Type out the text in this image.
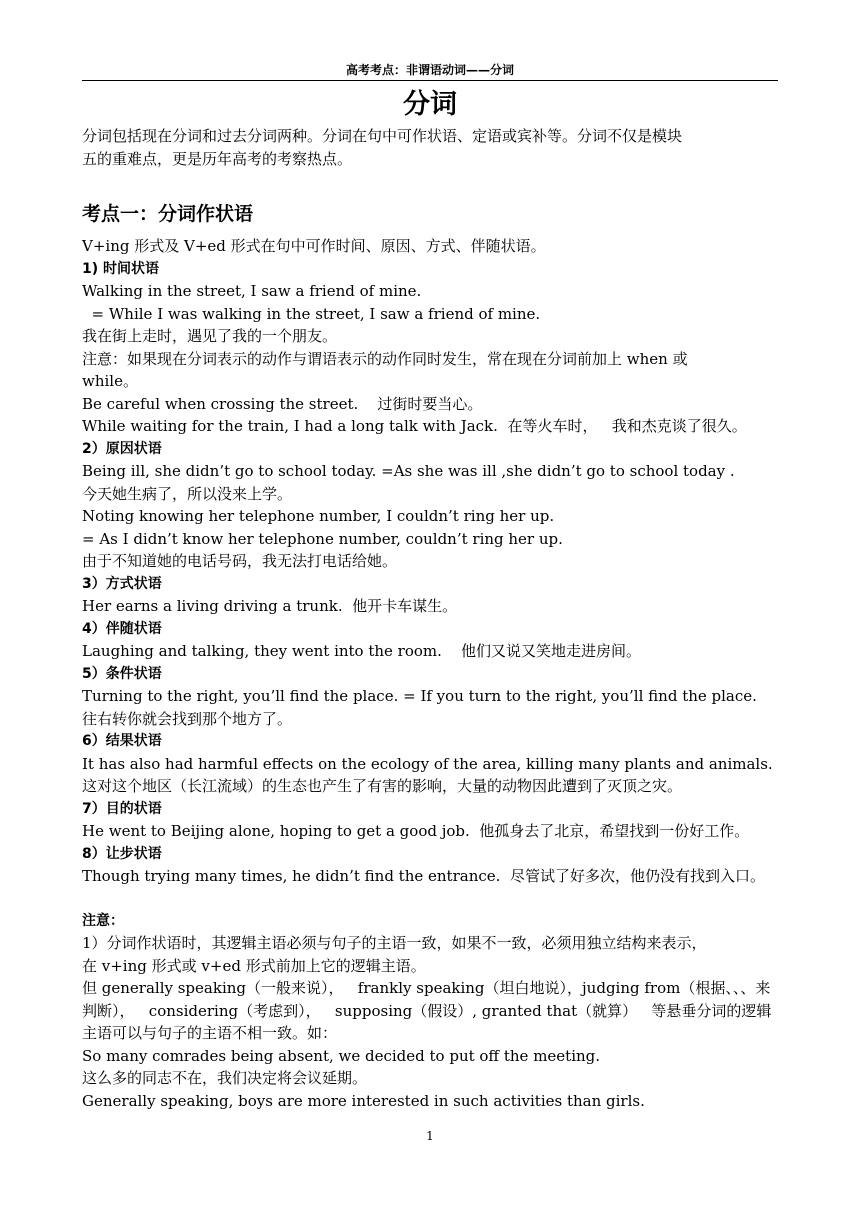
高考考点：非谓语动词——分词
分词

分词包括现在分词和过去分词两种。分词在句中可作状语、定语或宾补等。分词不仅是模块

五的重难点，更是历年高考的考察热点。

考点一：分词作状语

V+ing 形式及 V+ed 形式在句中可作时间、原因、方式、伴随状语。

1) 时间状语

Walking in the street, I saw a friend of mine.

= While I was walking in the street, I saw a friend of mine.

我在街上走时，遇见了我的一个朋友。

注意：如果现在分词表示的动作与谓语表示的动作同时发生，常在现在分词前加上 when 或

while。

Be careful when crossing the street.    过街时要当心。

While waiting for the train, I had a long talk with Jack.  在等火车时，   我和杰克谈了很久。

2）原因状语

Being ill, she didn’t go to school today. =As she was ill ,she didn’t go to school today .

今天她生病了，所以没来上学。

Noting knowing her telephone number, I couldn’t ring her up.

= As I didn’t know her telephone number, couldn’t ring her up.

由于不知道她的电话号码，我无法打电话给她。

3）方式状语

Her earns a living driving a trunk.  他开卡车谋生。

4）伴随状语

Laughing and talking, they went into the room.    他们又说又笑地走进房间。

5）条件状语

Turning to the right, you’ll find the place. = If you turn to the right, you’ll find the place.

往右转你就会找到那个地方了。

6）结果状语

It has also had harmful effects on the ecology of the area, killing many plants and animals.

这对这个地区（长江流域）的生态也产生了有害的影响，大量的动物因此遭到了灭顶之灾。

7）目的状语

He went to Beijing alone, hoping to get a good job.  他孤身去了北京，希望找到一份好工作。

8）让步状语

Though trying many times, he didn’t find the entrance.  尽管试了好多次，他仍没有找到入口。

注意：

1）分词作状语时，其逻辑主语必须与句子的主语一致，如果不一致，必须用独立结构来表示，

在 v+ing 形式或 v+ed 形式前加上它的逻辑主语。

但 generally speaking（一般来说），   frankly speaking（坦白地说），judging from（根据、、、来

判断），   considering（考虑到），   supposing（假设）, granted that（就算）   等悬垂分词的逻辑

主语可以与句子的主语不相一致。如：

So many comrades being absent, we decided to put off the meeting.

这么多的同志不在，我们决定将会议延期。

Generally speaking, boys are more interested in such activities than girls.

1
